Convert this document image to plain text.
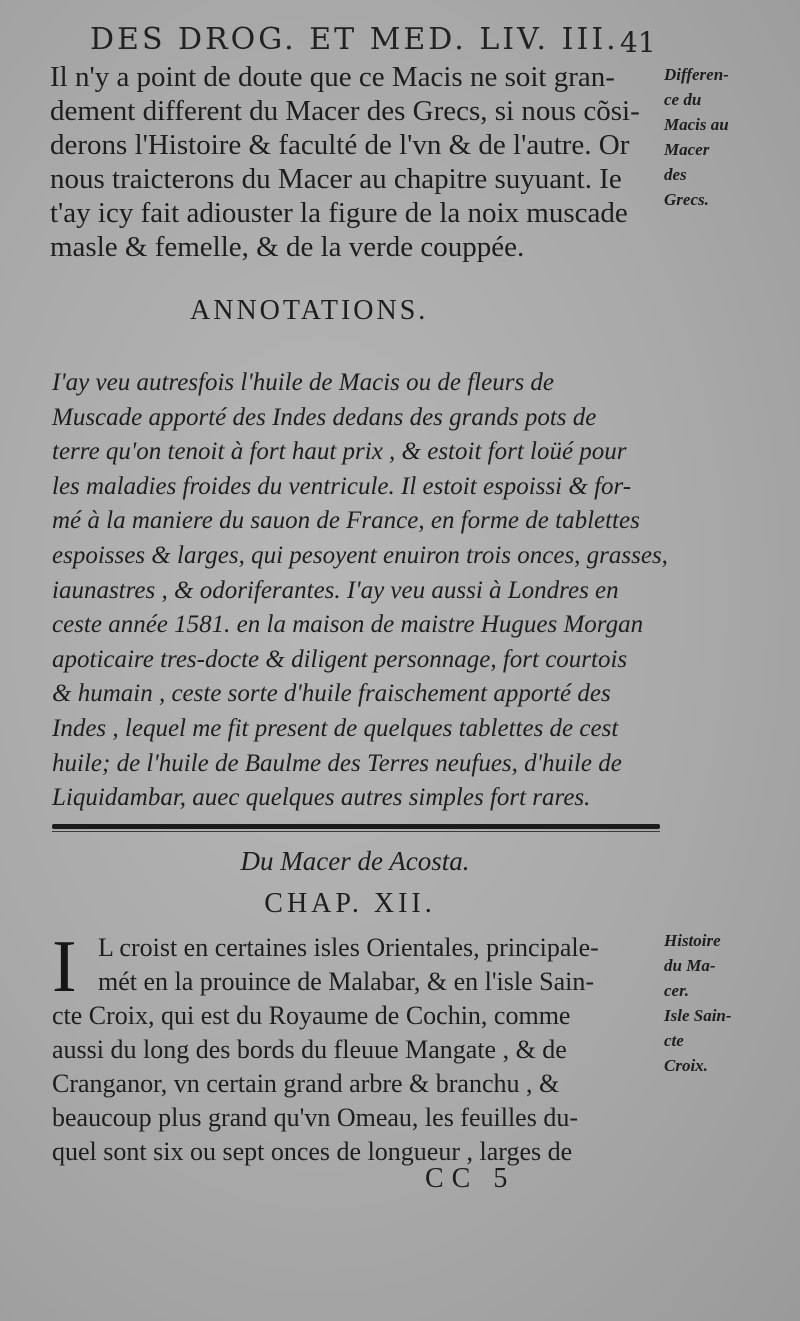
DES DROG. ET MED. LIV. III. 41
Il n'y a point de doute que ce Macis ne soit gran-
dement different du Macer des Grecs, si nous cõsi-
derons l'Histoire & faculté de l'vn & de l'autre. Or
nous traicterons du Macer au chapitre suyuant. Ie
t'ay icy fait adiouster la figure de la noix muscade
masle & femelle, & de la verde couppée.
Differen-
ce du
Macis au
Macer
des
Grecs.
ANNOTATIONS.
I'ay veu autresfois l'huile de Macis ou de fleurs de
Muscade apporté des Indes dedans des grands pots de
terre qu'on tenoit à fort haut prix , & estoit fort loüé pour
les maladies froides du ventricule. Il estoit espoissi & for-
mé à la maniere du sauon de France, en forme de tablettes
espoisses & larges, qui pesoyent enuiron trois onces, grasses,
iaunastres , & odoriferantes. I'ay veu aussi à Londres en
ceste année 1581. en la maison de maistre Hugues Morgan
apoticaire tres-docte & diligent personnage, fort courtois
& humain , ceste sorte d'huile fraischement apporté des
Indes , lequel me fit present de quelques tablettes de cest
huile; de l'huile de Baulme des Terres neufues, d'huile de
Liquidambar, auec quelques autres simples fort rares.
Du Macer de Acosta.
CHAP. XII.
I L croist en certaines isles Orientales, principale-
mét en la prouince de Malabar, & en l'isle Sain-
cte Croix, qui est du Royaume de Cochin, comme
aussi du long des bords du fleuue Mangate , & de
Cranganor, vn certain grand arbre & branchu , &
beaucoup plus grand qu'vn Omeau, les feuilles du-
quel sont six ou sept onces de longueur , larges de
Histoire
du Ma-
cer.
Isle Sain-
cte
Croix.
CC 5
